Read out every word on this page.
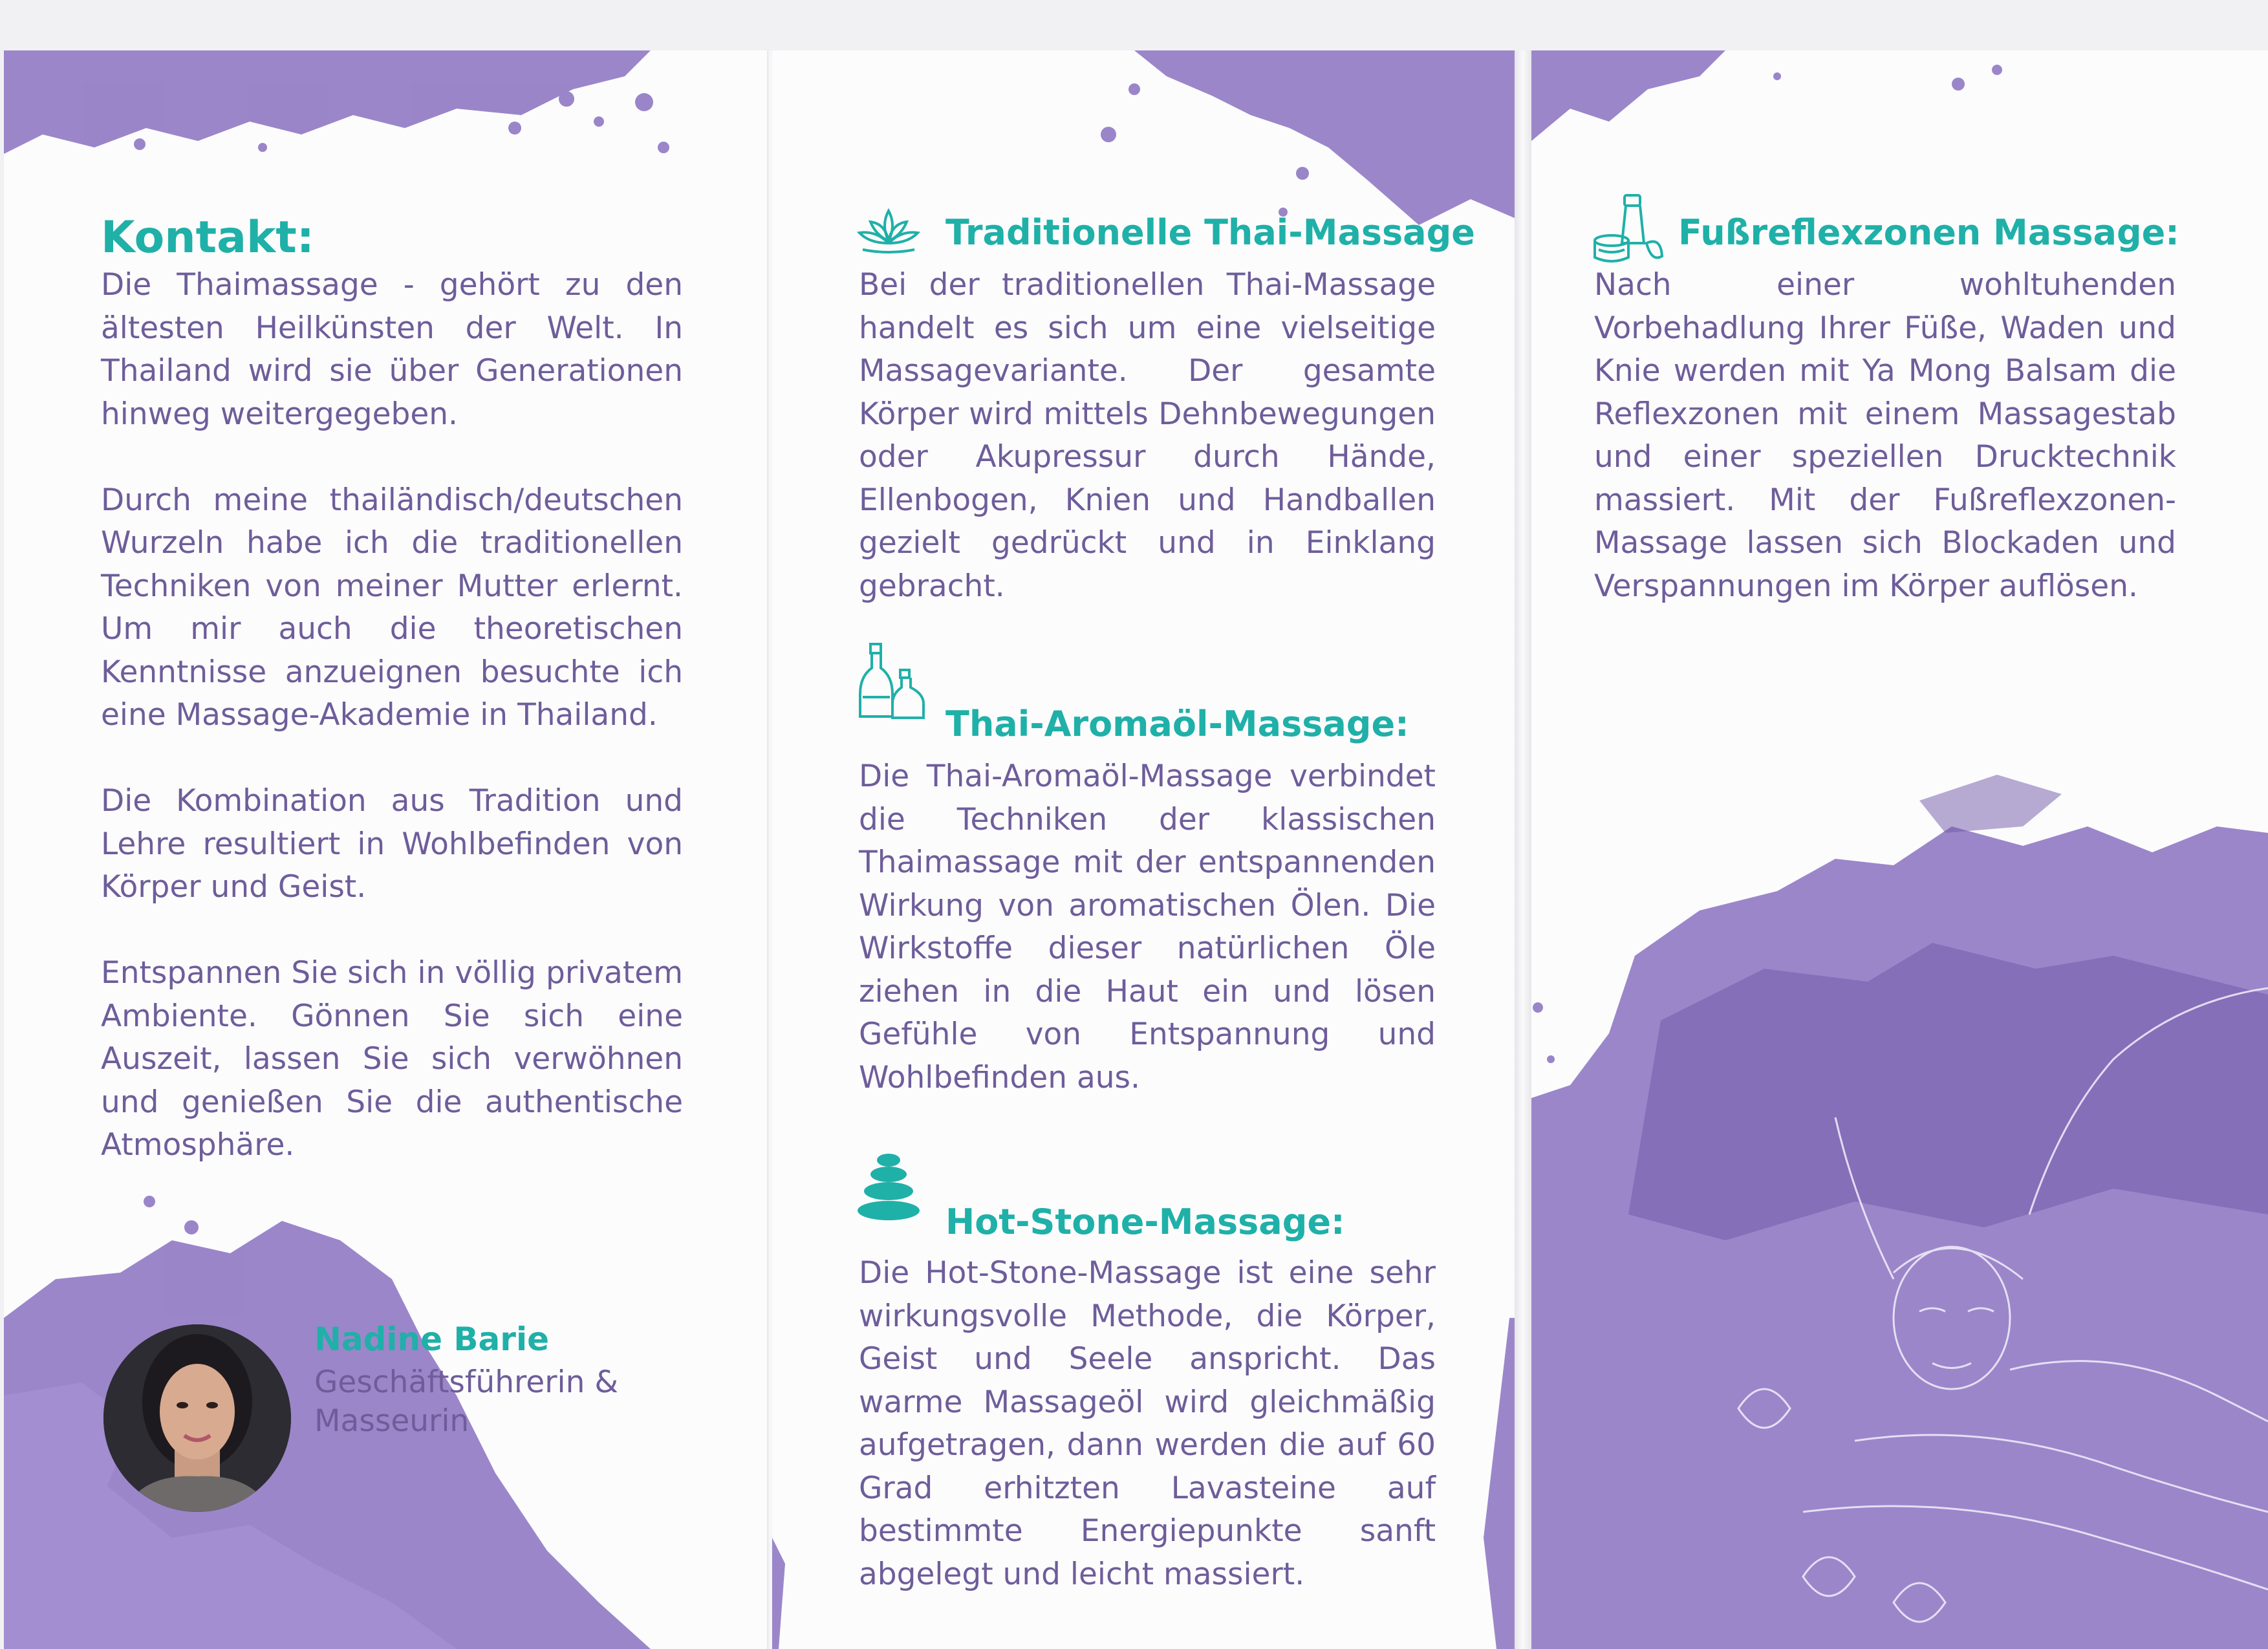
Kontakt:

Die Thaimassage - gehört zu den ältesten Heilkünsten der Welt. In Thailand wird sie über Generationen hinweg weitergegeben.

Durch meine thailändisch/deutschen Wurzeln habe ich die traditionellen Techniken von meiner Mutter erlernt. Um mir auch die theoretischen Kenntnisse anzueignen besuchte ich eine Massage-Akademie in Thailand.

Die Kombination aus Tradition und Lehre resultiert in Wohlbefinden von Körper und Geist.

Entspannen Sie sich in völlig privatem Ambiente. Gönnen Sie sich eine Auszeit, lassen Sie sich verwöhnen und genießen Sie die authentische Atmosphäre.

Nadine Barie
Geschäftsführerin & Masseurin
Traditionelle Thai-Massage

Bei der traditionellen Thai-Massage handelt es sich um eine vielseitige Massagevariante. Der gesamte Körper wird mittels Dehnbewegungen oder Akupressur durch Hände, Ellenbogen, Knien und Handballen gezielt gedrückt und in Einklang gebracht.

Thai-Aromaöl-Massage:

Die Thai-Aromaöl-Massage verbindet die Techniken der klassischen Thaimassage mit der entspannenden Wirkung von aromatischen Ölen. Die Wirkstoffe dieser natürlichen Öle ziehen in die Haut ein und lösen Gefühle von Entspannung und Wohlbefinden aus.

Hot-Stone-Massage:

Die Hot-Stone-Massage ist eine sehr wirkungsvolle Methode, die Körper, Geist und Seele anspricht. Das warme Massageöl wird gleichmäßig aufgetragen, dann werden die auf 60 Grad erhitzten Lavasteine auf bestimmte Energiepunkte sanft abgelegt und leicht massiert.

Fußreflexzonen Massage:

Nach einer wohltuhenden Vorbehadlung Ihrer Füße, Waden und Knie werden mit Ya Mong Balsam die Reflexzonen mit einem Massagestab und einer speziellen Drucktechnik massiert. Mit der Fußreflexzonen-Massage lassen sich Blockaden und Verspannungen im Körper auflösen.
